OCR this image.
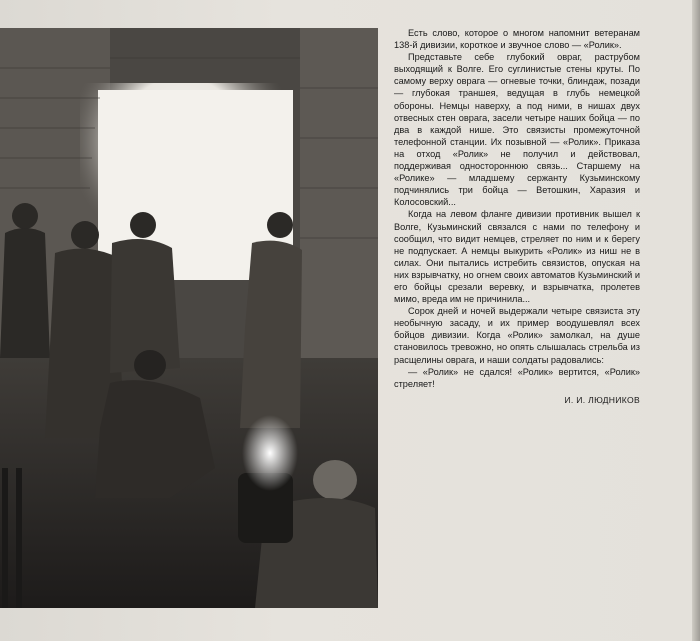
Есть слово, которое о многом напомнит ветеранам 138-й дивизии, короткое и звучное слово — «Ролик».

Представьте себе глубокий овраг, раструбом выходящий к Волге. Его суглинистые стены круты. По самому верху оврага — огневые точки, блиндаж, позади — глубокая траншея, ведущая в глубь немецкой обороны. Немцы наверху, а под ними, в нишах двух отвесных стен оврага, засели четыре наших бойца — по два в каждой нише. Это связисты промежуточной телефонной станции. Их позывной — «Ролик». Приказа на отход «Ролик» не получил и действовал, поддерживая одностороннюю связь... Старшему на «Ролике» — младшему сержанту Кузьминскому подчинялись три бойца — Ветошкин, Харазия и Колосовский...

Когда на левом фланге дивизии противник вышел к Волге, Кузьминский связался с нами по телефону и сообщил, что видит немцев, стреляет по ним и к берегу не подпускает. А немцы выкурить «Ролик» из ниш не в силах. Они пытались истребить связистов, опуская на них взрывчатку, но огнем своих автоматов Кузьминский и его бойцы срезали веревку, и взрывчатка, пролетев мимо, вреда им не причинила...

Сорок дней и ночей выдержали четыре связиста эту необычную засаду, и их пример воодушевлял всех бойцов дивизии. Когда «Ролик» замолкал, на душе становилось тревожно, но опять слышалась стрельба из расщелины оврага, и наши солдаты радовались:

— «Ролик» не сдался! «Ролик» вертится, «Ролик» стреляет!

И. И. ЛЮДНИКОВ
